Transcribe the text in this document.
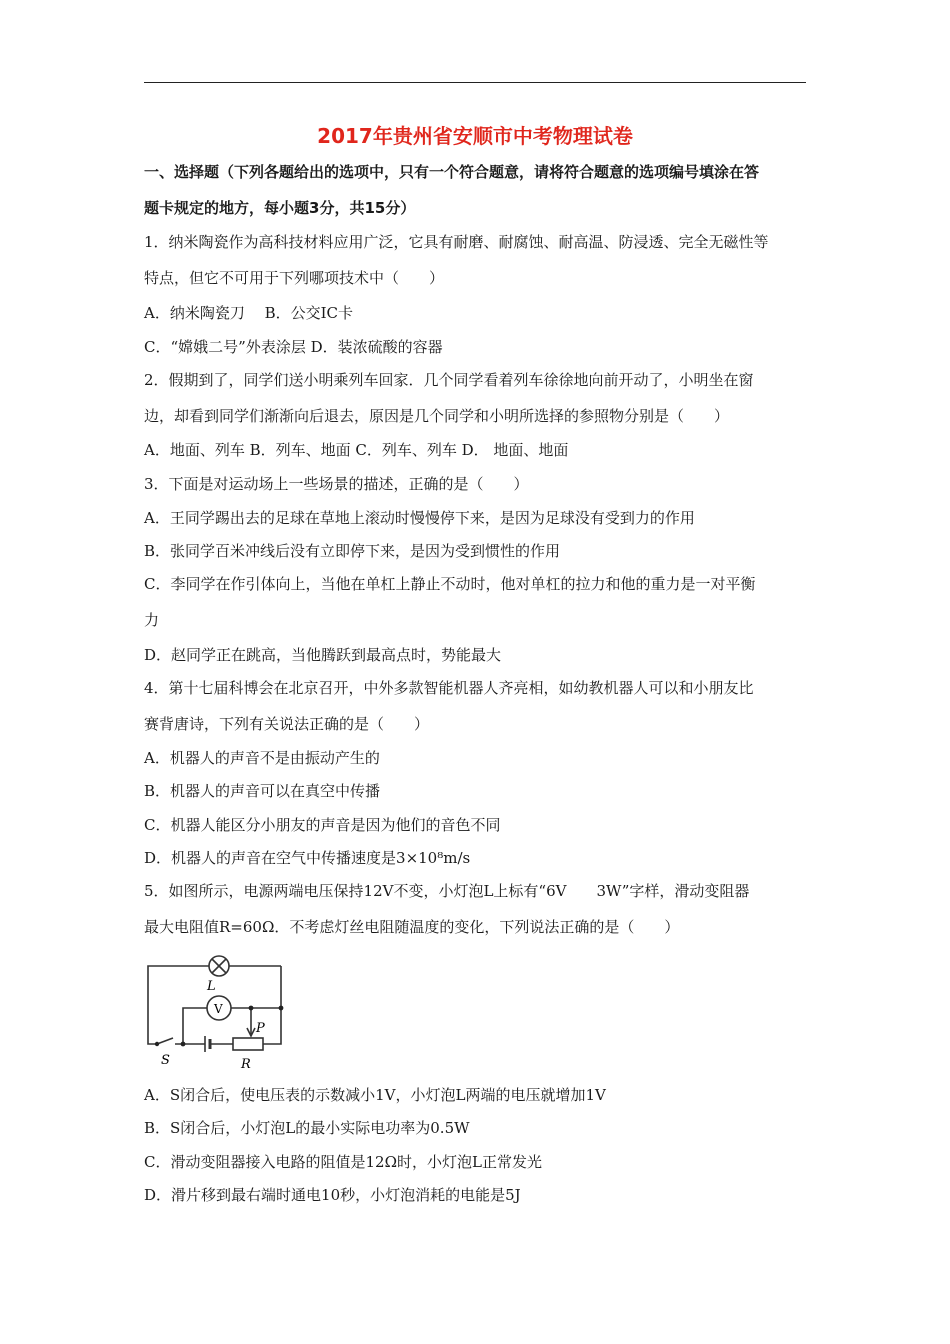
2017年贵州省安顺市中考物理试卷
一、选择题（下列各题给出的选项中，只有一个符合题意，请将符合题意的选项编号填涂在答
题卡规定的地方，每小题3分，共15分）
1．纳米陶瓷作为高科技材料应用广泛，它具有耐磨、耐腐蚀、耐高温、防浸透、完全无磁性等
特点，但它不可用于下列哪项技术中（　　）
A．纳米陶瓷刀　 B．公交IC卡
C．“嫦娥二号”外表涂层 D．装浓硫酸的容器
2．假期到了，同学们送小明乘列车回家．几个同学看着列车徐徐地向前开动了，小明坐在窗
边，却看到同学们渐渐向后退去，原因是几个同学和小明所选择的参照物分别是（　　）
A．地面、列车 B．列车、地面 C．列车、列车 D． 地面、地面
3．下面是对运动场上一些场景的描述，正确的是（　　）
A．王同学踢出去的足球在草地上滚动时慢慢停下来，是因为足球没有受到力的作用
B．张同学百米冲线后没有立即停下来，是因为受到惯性的作用
C．李同学在作引体向上，当他在单杠上静止不动时，他对单杠的拉力和他的重力是一对平衡
力
D．赵同学正在跳高，当他腾跃到最高点时，势能最大
4．第十七届科博会在北京召开，中外多款智能机器人齐亮相，如幼教机器人可以和小朋友比
赛背唐诗，下列有关说法正确的是（　　）
A．机器人的声音不是由振动产生的
B．机器人的声音可以在真空中传播
C．机器人能区分小朋友的声音是因为他们的音色不同
D．机器人的声音在空气中传播速度是3×10⁸m/s
5．如图所示，电源两端电压保持12V不变，小灯泡L上标有“6V　　3W”字样，滑动变阻器
最大电阻值R=60Ω．不考虑灯丝电阻随温度的变化，下列说法正确的是（　　）
L
V
P
R
S
A．S闭合后，使电压表的示数减小1V，小灯泡L两端的电压就增加1V
B．S闭合后，小灯泡L的最小实际电功率为0.5W
C．滑动变阻器接入电路的阻值是12Ω时，小灯泡L正常发光
D．滑片移到最右端时通电10秒，小灯泡消耗的电能是5J
